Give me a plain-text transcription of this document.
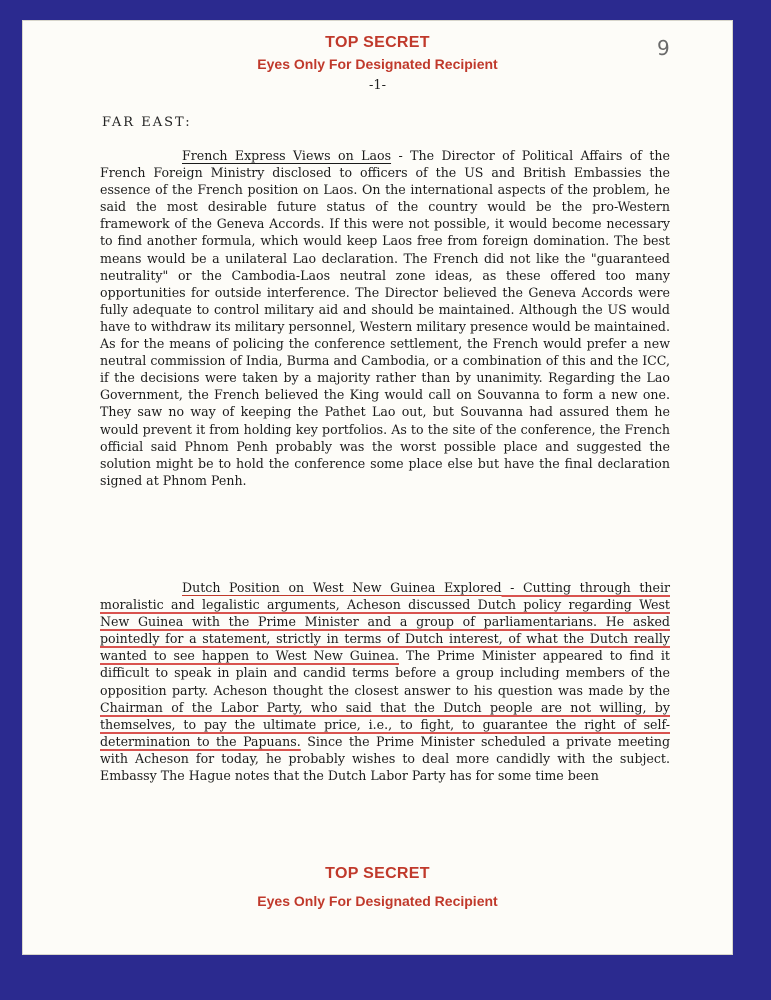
TOP SECRET
Eyes Only For Designated Recipient
-1-
9
FAR EAST:

French Express Views on Laos - The Director of Political Affairs of the French Foreign Ministry disclosed to officers of the US and British Embassies the essence of the French position on Laos. On the international aspects of the problem, he said the most desirable future status of the country would be the pro-Western framework of the Geneva Accords. If this were not possible, it would become necessary to find another formula, which would keep Laos free from foreign domination. The best means would be a unilateral Lao declaration. The French did not like the "guaranteed neutrality" or the Cambodia-Laos neutral zone ideas, as these offered too many opportunities for outside interference. The Director believed the Geneva Accords were fully adequate to control military aid and should be maintained. Although the US would have to withdraw its military personnel, Western military presence would be maintained. As for the means of policing the conference settlement, the French would prefer a new neutral commission of India, Burma and Cambodia, or a combination of this and the ICC, if the decisions were taken by a majority rather than by unanimity. Regarding the Lao Government, the French believed the King would call on Souvanna to form a new one. They saw no way of keeping the Pathet Lao out, but Souvanna had assured them he would prevent it from holding key portfolios. As to the site of the conference, the French official said Phnom Penh probably was the worst possible place and suggested the solution might be to hold the conference some place else but have the final declaration signed at Phnom Penh.

Dutch Position on West New Guinea Explored - Cutting through their moralistic and legalistic arguments, Acheson discussed Dutch policy regarding West New Guinea with the Prime Minister and a group of parliamentarians. He asked pointedly for a statement, strictly in terms of Dutch interest, of what the Dutch really wanted to see happen to West New Guinea. The Prime Minister appeared to find it difficult to speak in plain and candid terms before a group including members of the opposition party. Acheson thought the closest answer to his question was made by the Chairman of the Labor Party, who said that the Dutch people are not willing, by themselves, to pay the ultimate price, i.e., to fight, to guarantee the right of self-determination to the Papuans. Since the Prime Minister scheduled a private meeting with Acheson for today, he probably wishes to deal more candidly with the subject. Embassy The Hague notes that the Dutch Labor Party has for some time been

TOP SECRET
Eyes Only For Designated Recipient
